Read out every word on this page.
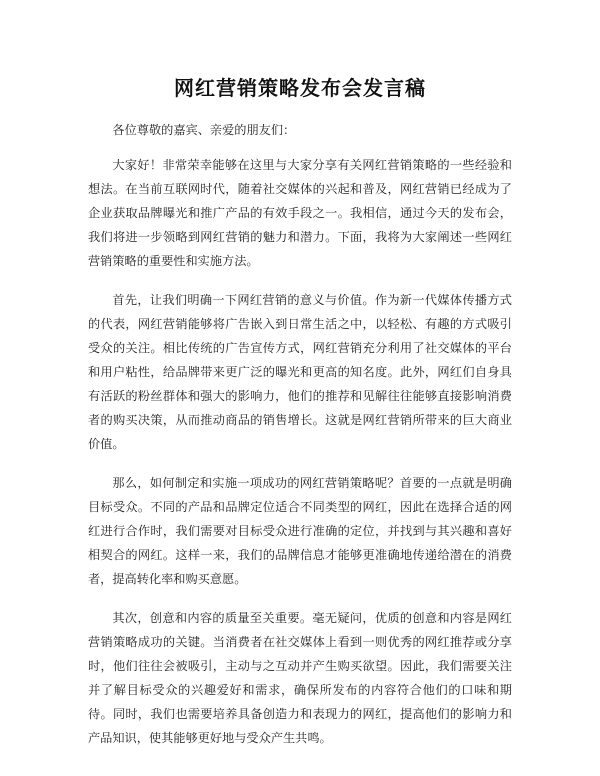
网红营销策略发布会发言稿

各位尊敬的嘉宾、亲爱的朋友们：

大家好！非常荣幸能够在这里与大家分享有关网红营销策略的一些经验和想法。在当前互联网时代，随着社交媒体的兴起和普及，网红营销已经成为了企业获取品牌曝光和推广产品的有效手段之一。我相信，通过今天的发布会，我们将进一步领略到网红营销的魅力和潜力。下面，我将为大家阐述一些网红营销策略的重要性和实施方法。

首先，让我们明确一下网红营销的意义与价值。作为新一代媒体传播方式的代表，网红营销能够将广告嵌入到日常生活之中，以轻松、有趣的方式吸引受众的关注。相比传统的广告宣传方式，网红营销充分利用了社交媒体的平台和用户粘性，给品牌带来更广泛的曝光和更高的知名度。此外，网红们自身具有活跃的粉丝群体和强大的影响力，他们的推荐和见解往往能够直接影响消费者的购买决策，从而推动商品的销售增长。这就是网红营销所带来的巨大商业价值。

那么，如何制定和实施一项成功的网红营销策略呢？首要的一点就是明确目标受众。不同的产品和品牌定位适合不同类型的网红，因此在选择合适的网红进行合作时，我们需要对目标受众进行准确的定位，并找到与其兴趣和喜好相契合的网红。这样一来，我们的品牌信息才能够更准确地传递给潜在的消费者，提高转化率和购买意愿。

其次，创意和内容的质量至关重要。毫无疑问，优质的创意和内容是网红营销策略成功的关键。当消费者在社交媒体上看到一则优秀的网红推荐或分享时，他们往往会被吸引，主动与之互动并产生购买欲望。因此，我们需要关注并了解目标受众的兴趣爱好和需求，确保所发布的内容符合他们的口味和期待。同时，我们也需要培养具备创造力和表现力的网红，提高他们的影响力和产品知识，使其能够更好地与受众产生共鸣。
